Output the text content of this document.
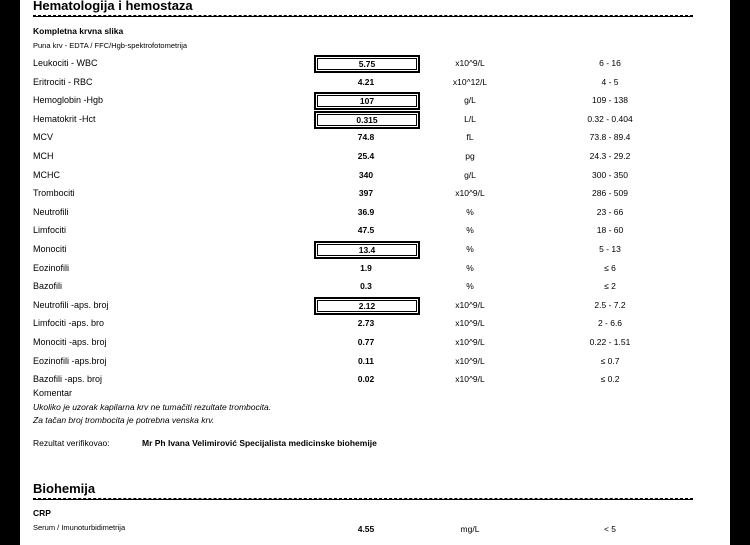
Hematologija i hemostaza
Kompletna krvna slika
Puna krv - EDTA / FFC/Hgb-spektrofotometrija
Leukociti - WBC	5.75	x10^9/L	6 - 16
Eritrociti - RBC	4.21	x10^12/L	4 - 5
Hemoglobin -Hgb	107	g/L	109 - 138
Hematokrit -Hct	0.315	L/L	0.32 - 0.404
MCV	74.8	fL	73.8 - 89.4
MCH	25.4	pg	24.3 - 29.2
MCHC	340	g/L	300 - 350
Trombociti	397	x10^9/L	286 - 509
Neutrofili	36.9	%	23 - 66
Limfociti	47.5	%	18 - 60
Monociti	13.4	%	5 - 13
Eozinofili	1.9	%	≤ 6
Bazofili	0.3	%	≤ 2
Neutrofili -aps. broj	2.12	x10^9/L	2.5 - 7.2
Limfociti -aps. bro	2.73	x10^9/L	2 - 6.6
Monociti -aps. broj	0.77	x10^9/L	0.22 - 1.51
Eozinofili -aps.broj	0.11	x10^9/L	≤ 0.7
Bazofili -aps. broj	0.02	x10^9/L	≤ 0.2
Komentar
Ukoliko je uzorak kapilarna krv ne tumačiti rezultate trombocita.
Za tačan broj trombocita je potrebna venska krv.
Rezultat verifikovao:	Mr Ph Ivana Velimirović Specijalista medicinske biohemije
Biohemija
CRP
Serum / Imunoturbidimetrija	4.55	mg/L	< 5
